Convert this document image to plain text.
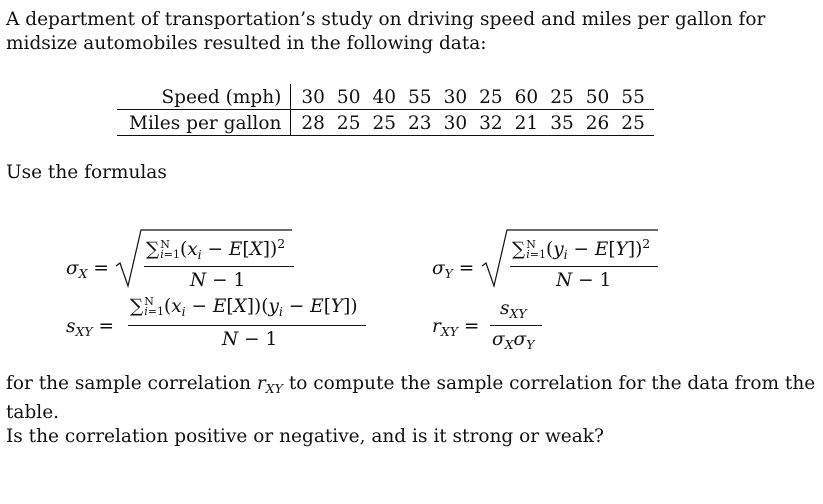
A department of transportation’s study on driving speed and miles per gallon for midsize automobiles resulted in the following data:
Speed (mph)	30	50	40	55	30	25	60	25	50	55
Miles per gallon	28	25	25	23	30	32	21	35	26	25
Use the formulas
$\sigma_X$ =
∑N
$i=1(x_i - E[X])^2$
N − 1
$\sigma_Y$ =
∑N
$i=1(y_i - E[Y])^2$
N − 1
$s_{XY}$ =
∑N
$i=1(x_i - E[X])(y_i - E[Y])$
N − 1
$r_{XY}$ =
$s_{XY}$
$\sigma_X\sigma_Y$
for the sample correlation $r_{XY}$ to compute the sample correlation for the data from the table.
Is the correlation positive or negative, and is it strong or weak?
